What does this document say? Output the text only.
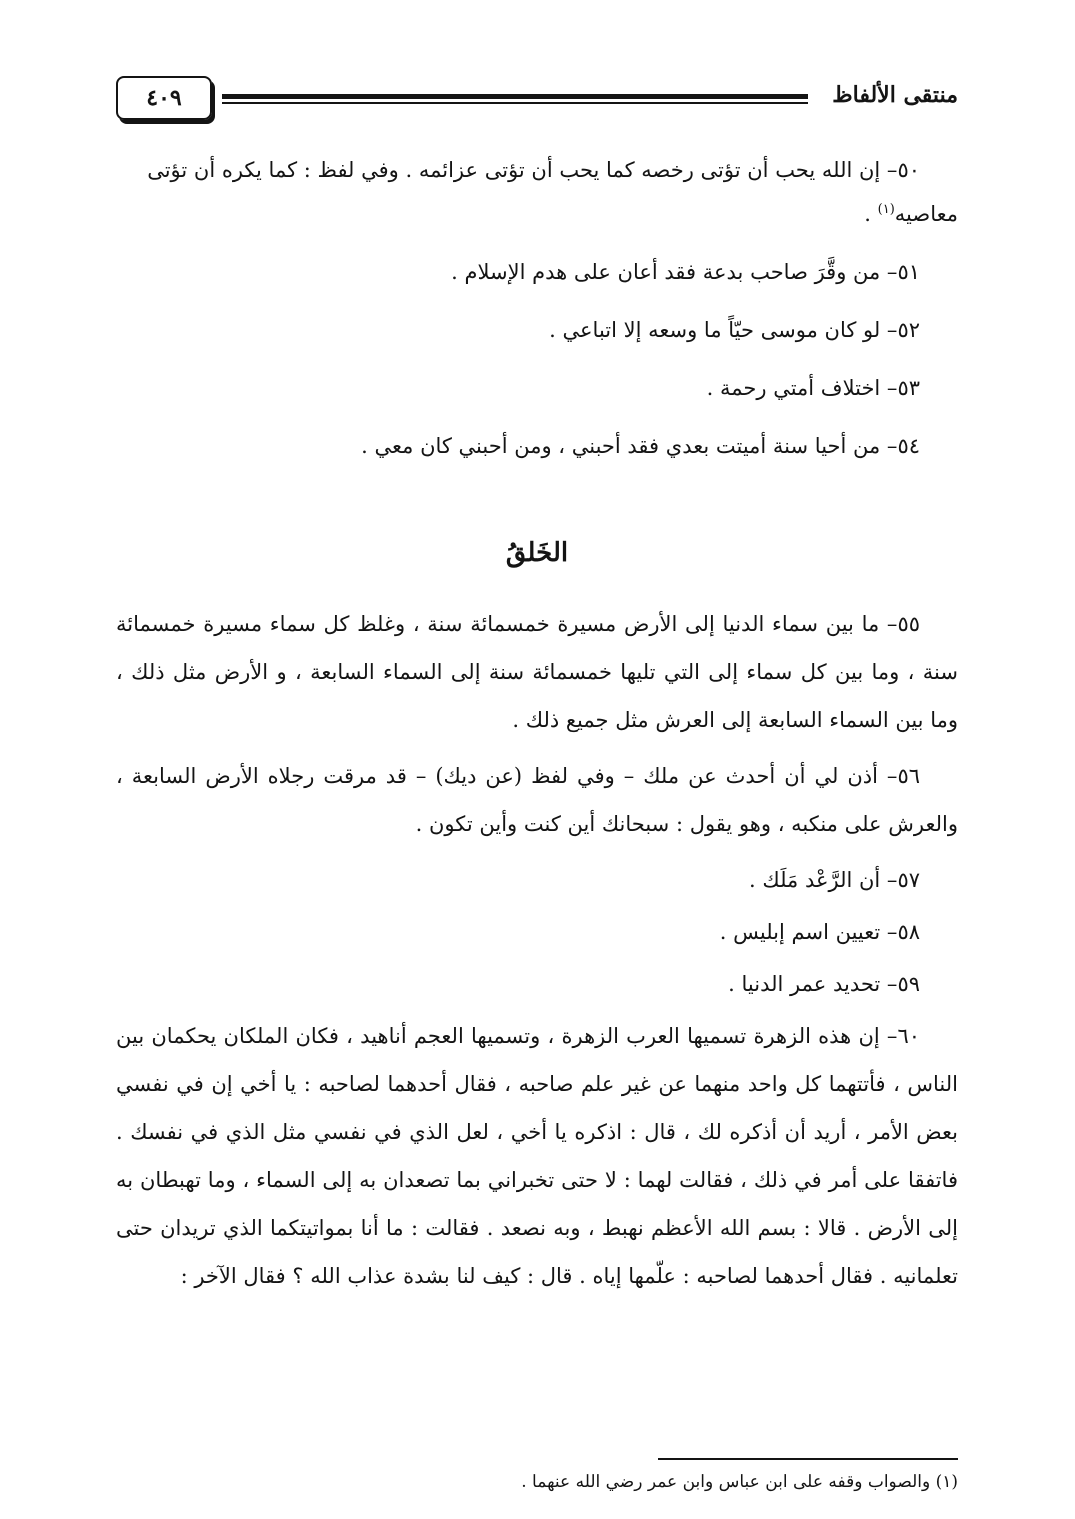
منتقى الألفاظ
٤٠٩
٥٠– إن الله يحب أن تؤتى رخصه كما يحب أن تؤتى عزائمه . وفي لفظ : كما يكره أن تؤتى
معاصيه$^{(١)}$ .
٥١– من وقَّرَ صاحب بدعة فقد أعان على هدم الإسلام .
٥٢– لو كان موسى حيّاً ما وسعه إلا اتباعي .
٥٣– اختلاف أمتي رحمة .
٥٤– من أحيا سنة أميتت بعدي فقد أحبني ، ومن أحبني كان معي .
الخَلقُ
٥٥– ما بين سماء الدنيا إلى الأرض مسيرة خمسمائة سنة ، وغلظ كل سماء مسيرة خمسمائة سنة ، وما بين كل سماء إلى التي تليها خمسمائة سنة إلى السماء السابعة ، و الأرض مثل ذلك ، وما بين السماء السابعة إلى العرش مثل جميع ذلك .
٥٦– أذن لي أن أحدث عن ملك – وفي لفظ (عن ديك) – قد مرقت رجلاه الأرض السابعة ، والعرش على منكبه ، وهو يقول : سبحانك أين كنت وأين تكون .
٥٧– أن الرَّعْد مَلَك .
٥٨– تعيين اسم إبليس .
٥٩– تحديد عمر الدنيا .
٦٠– إن هذه الزهرة تسميها العرب الزهرة ، وتسميها العجم أناهيد ، فكان الملكان يحكمان بين الناس ، فأتتهما كل واحد منهما عن غير علم صاحبه ، فقال أحدهما لصاحبه : يا أخي إن في نفسي بعض الأمر ، أريد أن أذكره لك ، قال : اذكره يا أخي ، لعل الذي في نفسي مثل الذي في نفسك . فاتفقا على أمر في ذلك ، فقالت لهما : لا حتى تخبراني بما تصعدان به إلى السماء ، وما تهبطان به إلى الأرض . قالا : بسم الله الأعظم نهبط ، وبه نصعد . فقالت : ما أنا بمواتيتكما الذي تريدان حتى تعلمانيه . فقال أحدهما لصاحبه : علّمها إياه . قال : كيف لنا بشدة عذاب الله ؟ فقال الآخر :
(١) والصواب وقفه على ابن عباس وابن عمر رضي الله عنهما .
